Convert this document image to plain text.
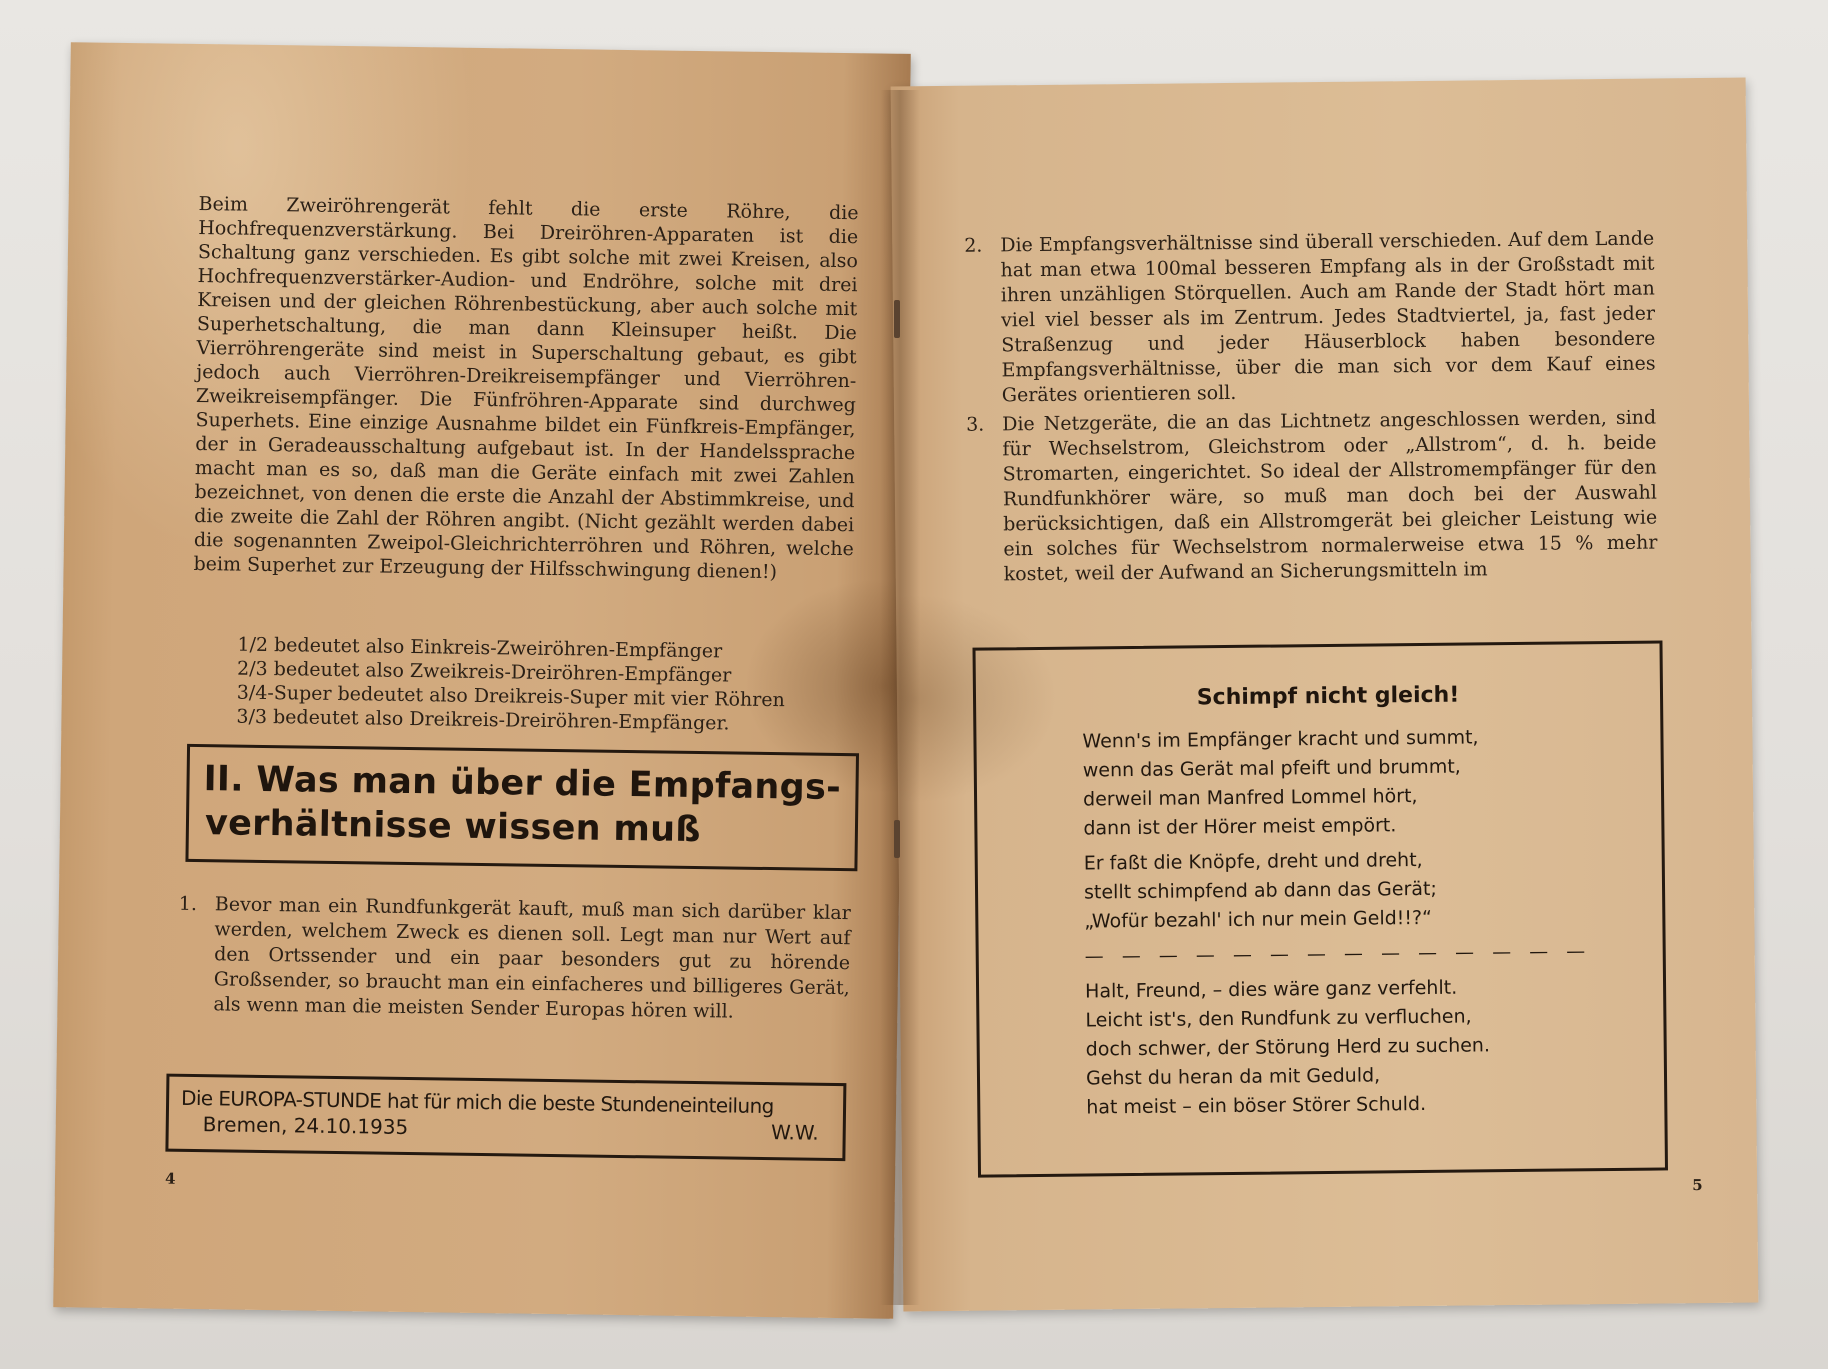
Beim Zweiröhrengerät fehlt die erste Röhre, die Hochfrequenzverstärkung. Bei Dreiröhren-Apparaten ist die Schaltung ganz verschieden. Es gibt solche mit zwei Kreisen, also Hochfrequenzverstärker-Audion- und Endröhre, solche mit drei Kreisen und der gleichen Röhrenbestückung, aber auch solche mit Superhetschaltung, die man dann Kleinsuper heißt. Die Vierröhrengeräte sind meist in Superschaltung gebaut, es gibt jedoch auch Vierröhren-Dreikreisempfänger und Vierröhren-Zweikreisempfänger. Die Fünfröhren-Apparate sind durchweg Superhets. Eine einzige Ausnahme bildet ein Fünfkreis-Empfänger, der in Geradeausschaltung aufgebaut ist. In der Handelssprache macht man es so, daß man die Geräte einfach mit zwei Zahlen bezeichnet, von denen die erste die Anzahl der Abstimmkreise, und die zweite die Zahl der Röhren angibt. (Nicht gezählt werden dabei die sogenannten Zweipol-Gleichrichterröhren und Röhren, welche beim Superhet zur Erzeugung der Hilfsschwingung dienen!)

1/2 bedeutet also Einkreis-Zweiröhren-Empfänger
2/3 bedeutet also Zweikreis-Dreiröhren-Empfänger
3/4-Super bedeutet also Dreikreis-Super mit vier Röhren
3/3 bedeutet also Dreikreis-Dreiröhren-Empfänger.
II. Was man über die Empfangs-
verhältnisse wissen muß
1. Bevor man ein Rundfunkgerät kauft, muß man sich darüber klar werden, welchem Zweck es dienen soll. Legt man nur Wert auf den Ortssender und ein paar besonders gut zu hörende Großsender, so braucht man ein einfacheres und billigeres Gerät, als wenn man die meisten Sender Europas hören will.
Die EUROPA-STUNDE hat für mich die beste Stundeneinteilung
Bremen, 24.10.1935	W.W.
4
2. Die Empfangsverhältnisse sind überall verschieden. Auf dem Lande hat man etwa 100mal besseren Empfang als in der Großstadt mit ihren unzähligen Störquellen. Auch am Rande der Stadt hört man viel viel besser als im Zentrum. Jedes Stadtviertel, ja, fast jeder Straßenzug und jeder Häuserblock haben besondere Empfangsverhältnisse, über die man sich vor dem Kauf eines Gerätes orientieren soll.
3. Die Netzgeräte, die an das Lichtnetz angeschlossen werden, sind für Wechselstrom, Gleichstrom oder „Allstrom“, d. h. beide Stromarten, eingerichtet. So ideal der Allstromempfänger für den Rundfunkhörer wäre, so muß man doch bei der Auswahl berücksichtigen, daß ein Allstromgerät bei gleicher Leistung wie ein solches für Wechselstrom normalerweise etwa 15 % mehr kostet, weil der Aufwand an Sicherungsmitteln im
Schimpf nicht gleich!
Wenn's im Empfänger kracht und summt,
wenn das Gerät mal pfeift und brummt,
derweil man Manfred Lommel hört,
dann ist der Hörer meist empört.
Er faßt die Knöpfe, dreht und dreht,
stellt schimpfend ab dann das Gerät;
„Wofür bezahl' ich nur mein Geld!!?“
— — — — — — — — — — — — — —
Halt, Freund, – dies wäre ganz verfehlt.
Leicht ist's, den Rundfunk zu verfluchen,
doch schwer, der Störung Herd zu suchen.
Gehst du heran da mit Geduld,
hat meist – ein böser Störer Schuld.
5
